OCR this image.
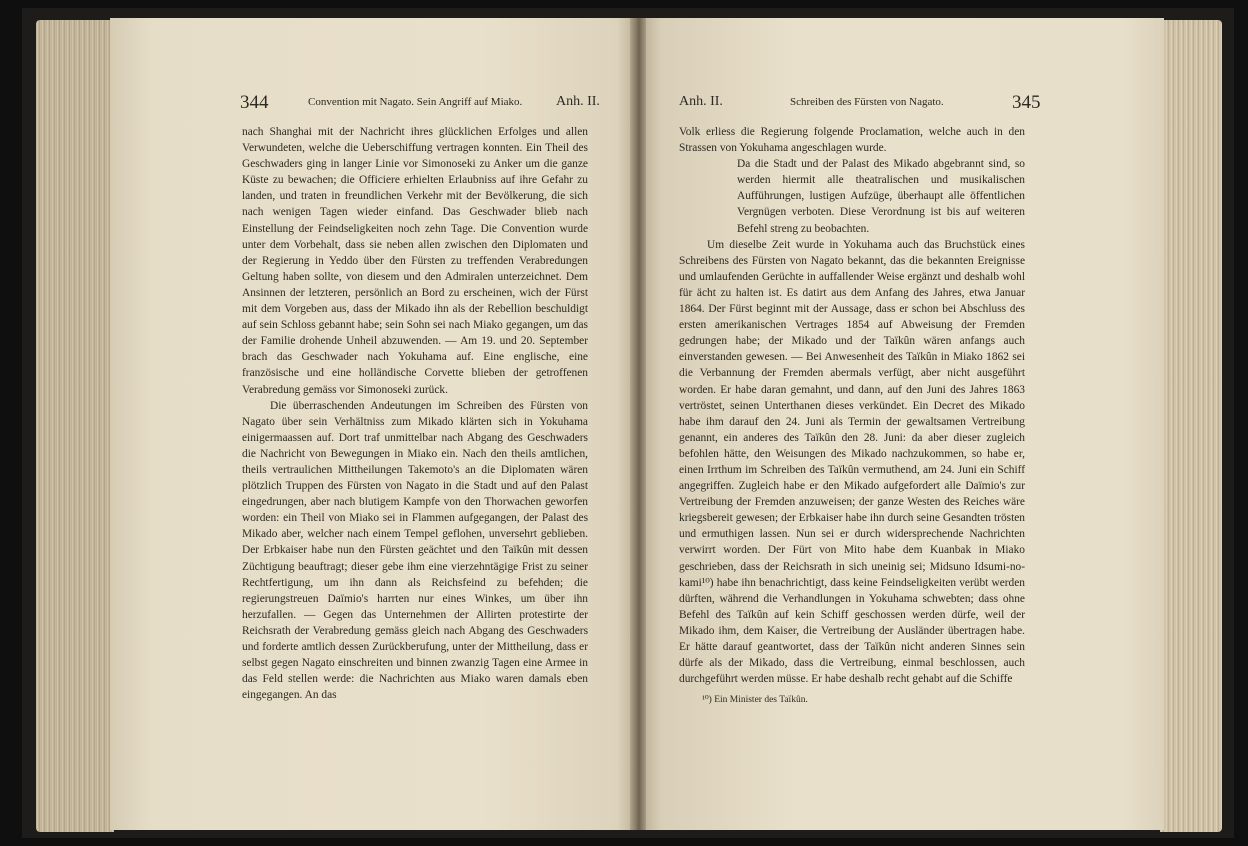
344	Convention mit Nagato. Sein Angriff auf Miako. Anh. II.

nach Shanghai mit der Nachricht ihres glücklichen Erfolges und allen Verwundeten, welche die Ueberschiffung vertragen konnten. Ein Theil des Geschwaders ging in langer Linie vor Simonoseki zu Anker um die ganze Küste zu bewachen; die Officiere erhielten Erlaubniss auf ihre Gefahr zu landen, und traten in freundlichen Verkehr mit der Bevölkerung, die sich nach wenigen Tagen wieder einfand. Das Geschwader blieb nach Einstellung der Feindseligkeiten noch zehn Tage. Die Convention wurde unter dem Vorbehalt, dass sie neben allen zwischen den Diplomaten und der Regierung in Yeddo über den Fürsten zu treffenden Verabredungen Geltung haben sollte, von diesem und den Admiralen unterzeichnet. Dem Ansinnen der letzteren, persönlich an Bord zu erscheinen, wich der Fürst mit dem Vorgeben aus, dass der Mikado ihn als der Rebellion beschuldigt auf sein Schloss gebannt habe; sein Sohn sei nach Miako gegangen, um das der Familie drohende Unheil abzuwenden. — Am 19. und 20. September brach das Geschwader nach Yokuhama auf. Eine englische, eine französische und eine holländische Corvette blieben der getroffenen Verabredung gemäss vor Simonoseki zurück.

Die überraschenden Andeutungen im Schreiben des Fürsten von Nagato über sein Verhältniss zum Mikado klärten sich in Yokuhama einigermaassen auf. Dort traf unmittelbar nach Abgang des Geschwaders die Nachricht von Bewegungen in Miako ein. Nach den theils amtlichen, theils vertraulichen Mittheilungen Takemoto's an die Diplomaten wären plötzlich Truppen des Fürsten von Nagato in die Stadt und auf den Palast eingedrungen, aber nach blutigem Kampfe von den Thorwachen geworfen worden: ein Theil von Miako sei in Flammen aufgegangen, der Palast des Mikado aber, welcher nach einem Tempel geflohen, unversehrt geblieben. Der Erbkaiser habe nun den Fürsten geächtet und den Taïkûn mit dessen Züchtigung beauftragt; dieser gebe ihm eine vierzehntägige Frist zu seiner Rechtfertigung, um ihn dann als Reichsfeind zu befehden; die regierungstreuen Daïmio's harrten nur eines Winkes, um über ihn herzufallen. — Gegen das Unternehmen der Allirten protestirte der Reichsrath der Verabredung gemäss gleich nach Abgang des Geschwaders und forderte amtlich dessen Zurückberufung, unter der Mittheilung, dass er selbst gegen Nagato einschreiten und binnen zwanzig Tagen eine Armee in das Feld stellen werde: die Nachrichten aus Miako waren damals eben eingegangen. An das

Anh. II.	Schreiben des Fürsten von Nagato.	345

Volk erliess die Regierung folgende Proclamation, welche auch in den Strassen von Yokuhama angeschlagen wurde.

Da die Stadt und der Palast des Mikado abgebrannt sind, so werden hiermit alle theatralischen und musikalischen Aufführungen, lustigen Aufzüge, überhaupt alle öffentlichen Vergnügen verboten. Diese Verordnung ist bis auf weiteren Befehl streng zu beobachten.

Um dieselbe Zeit wurde in Yokuhama auch das Bruchstück eines Schreibens des Fürsten von Nagato bekannt, das die bekannten Ereignisse und umlaufenden Gerüchte in auffallender Weise ergänzt und deshalb wohl für ächt zu halten ist. Es datirt aus dem Anfang des Jahres, etwa Januar 1864. Der Fürst beginnt mit der Aussage, dass er schon bei Abschluss des ersten amerikanischen Vertrages 1854 auf Abweisung der Fremden gedrungen habe; der Mikado und der Taïkûn wären anfangs auch einverstanden gewesen. — Bei Anwesenheit des Taïkûn in Miako 1862 sei die Verbannung der Fremden abermals verfügt, aber nicht ausgeführt worden. Er habe daran gemahnt, und dann, auf den Juni des Jahres 1863 vertröstet, seinen Unterthanen dieses verkündet. Ein Decret des Mikado habe ihm darauf den 24. Juni als Termin der gewaltsamen Vertreibung genannt, ein anderes des Taïkûn den 28. Juni: da aber dieser zugleich befohlen hätte, den Weisungen des Mikado nachzukommen, so habe er, einen Irrthum im Schreiben des Taïkûn vermuthend, am 24. Juni ein Schiff angegriffen. Zugleich habe er den Mikado aufgefordert alle Daïmio's zur Vertreibung der Fremden anzuweisen; der ganze Westen des Reiches wäre kriegsbereit gewesen; der Erbkaiser habe ihn durch seine Gesandten trösten und ermuthigen lassen. Nun sei er durch widersprechende Nachrichten verwirrt worden. Der Fürt von Mito habe dem Kuanbak in Miako geschrieben, dass der Reichsrath in sich uneinig sei; Midsuno Idsumi-no-kami¹⁰) habe ihn benachrichtigt, dass keine Feindseligkeiten verübt werden dürften, während die Verhandlungen in Yokuhama schwebten; dass ohne Befehl des Taïkûn auf kein Schiff geschossen werden dürfe, weil der Mikado ihm, dem Kaiser, die Vertreibung der Ausländer übertragen habe. Er hätte darauf geantwortet, dass der Taïkûn nicht anderen Sinnes sein dürfe als der Mikado, dass die Vertreibung, einmal beschlossen, auch durchgeführt werden müsse. Er habe deshalb recht gehabt auf die Schiffe

¹⁰) Ein Minister des Taïkûn.
